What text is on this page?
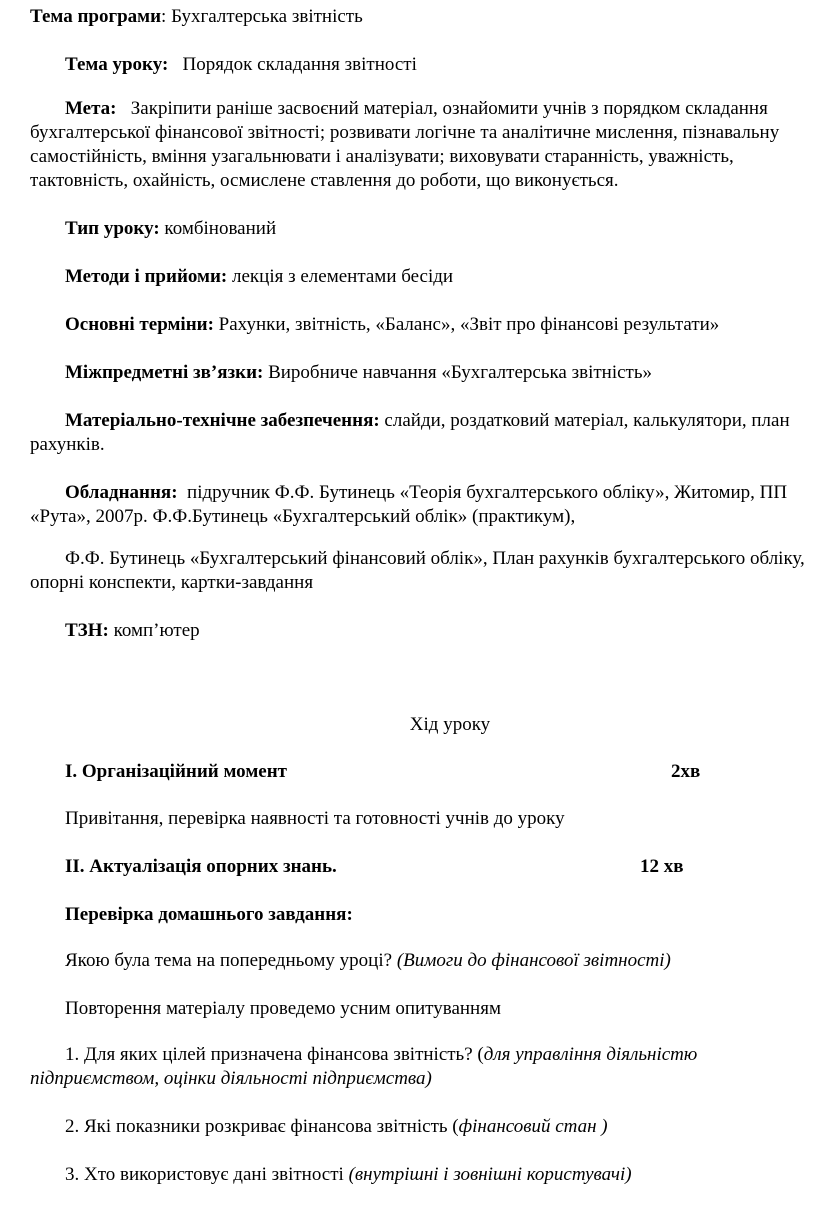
Тема програми: Бухгалтерська звітність

Тема уроку: Порядок складання звітності

Мета: Закріпити раніше засвоєний матеріал, ознайомити учнів з порядком складання бухгалтерської фінансової звітності; розвивати логічне та аналітичне мислення, пізнавальну самостійність, вміння узагальнювати і аналізувати; виховувати старанність, уважність, тактовність, охайність, осмислене ставлення до роботи, що виконується.

Тип уроку: комбінований

Методи і прийоми: лекція з елементами бесіди

Основні терміни: Рахунки, звітність, «Баланс», «Звіт про фінансові результати»

Міжпредметні зв’язки: Виробниче навчання «Бухгалтерська звітність»

Матеріально-технічне забезпечення: слайди, роздатковий матеріал, калькулятори, план рахунків.

Обладнання: підручник Ф.Ф. Бутинець «Теорія бухгалтерського обліку», Житомир, ПП «Рута», 2007р. Ф.Ф.Бутинець «Бухгалтерський облік» (практикум),

Ф.Ф. Бутинець «Бухгалтерський фінансовий облік», План рахунків бухгалтерського обліку, опорні конспекти, картки-завдання

ТЗН: комп’ютер

Хід уроку

І. Організаційний момент	2хв

Привітання, перевірка наявності та готовності учнів до уроку

ІІ. Актуалізація опорних знань.	12 хв

Перевірка домашнього завдання:

Якою була тема на попередньому уроці? (Вимоги до фінансової звітності)

Повторення матеріалу проведемо усним опитуванням

1. Для яких цілей призначена фінансова звітність? (для управління діяльністю підприємством, оцінки діяльності підприємства)

2. Які показники розкриває фінансова звітність (фінансовий стан )

3. Хто використовує дані звітності (внутрішні і зовнішні користувачі)
